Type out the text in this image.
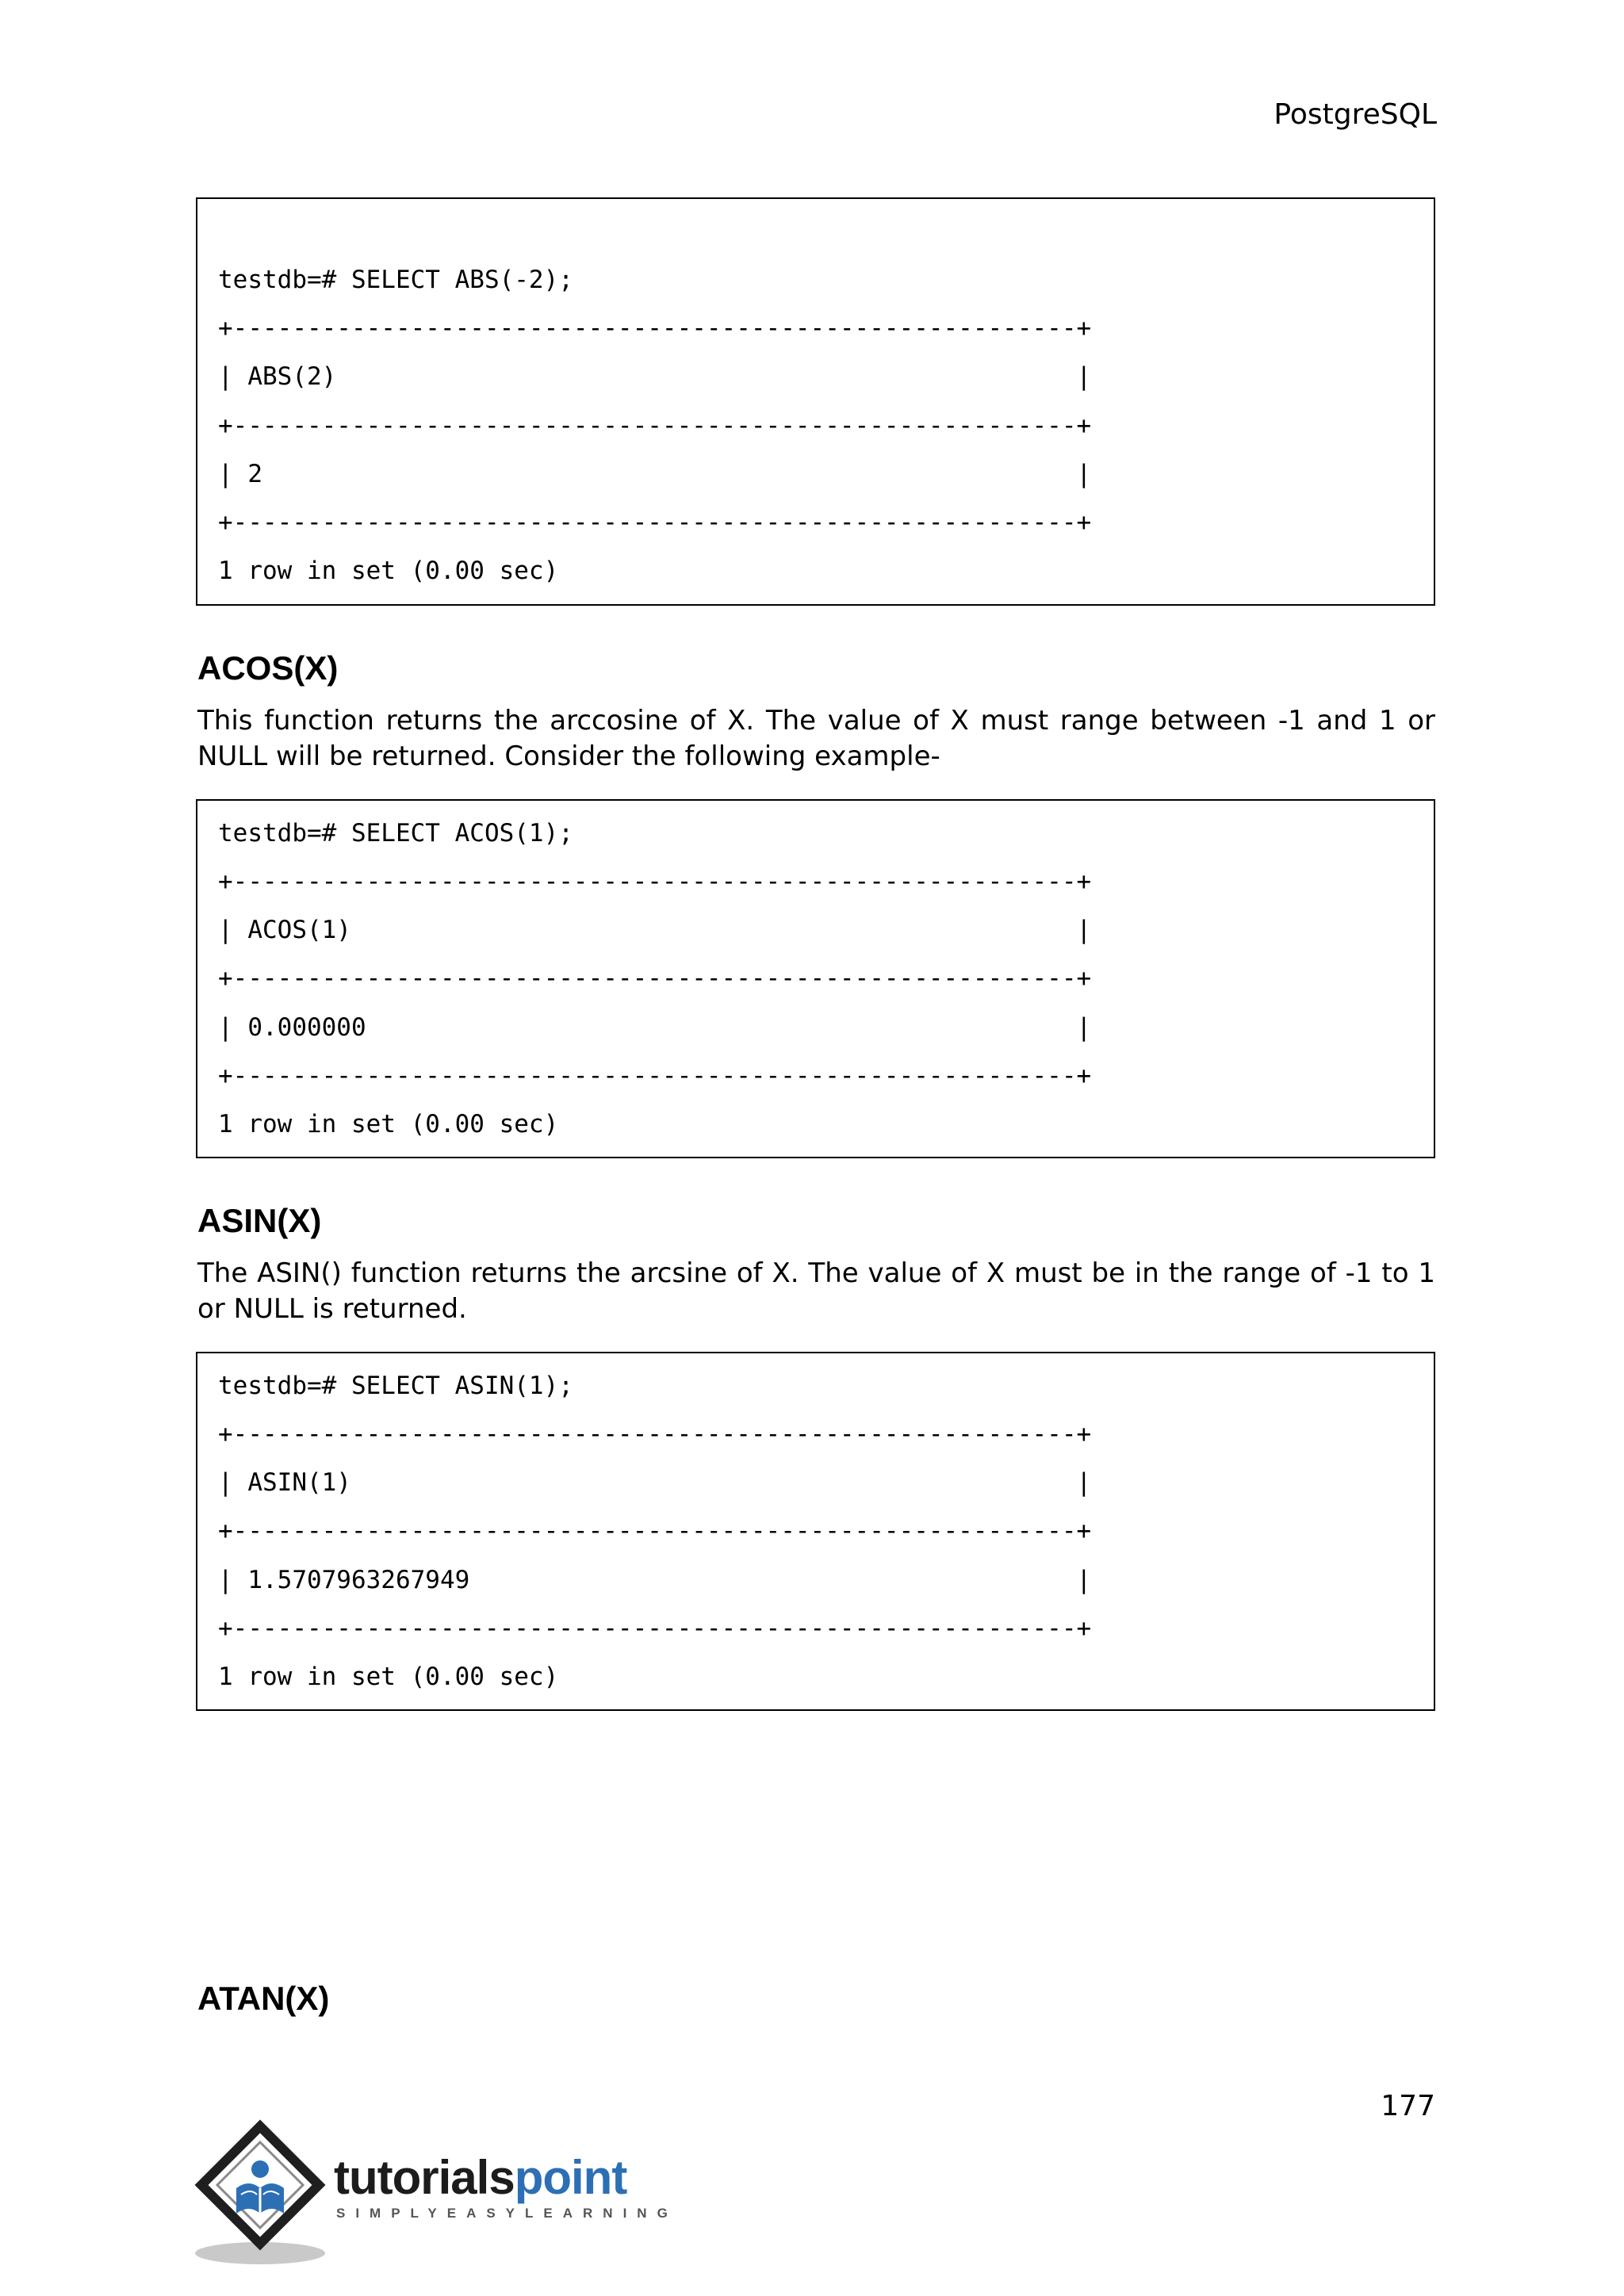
PostgreSQL
testdb=# SELECT ABS(-2);
+---------------------------------------------------------+
| ABS(2)                                                  |
+---------------------------------------------------------+
| 2                                                       |
+---------------------------------------------------------+
1 row in set (0.00 sec)
ACOS(X)

This function returns the arccosine of X. The value of X must range between -1 and 1 or NULL will be returned. Consider the following example-

testdb=# SELECT ACOS(1);
+---------------------------------------------------------+
| ACOS(1)                                                 |
+---------------------------------------------------------+
| 0.000000                                                |
+---------------------------------------------------------+
1 row in set (0.00 sec)
ASIN(X)

The ASIN() function returns the arcsine of X. The value of X must be in the range of -1 to 1 or NULL is returned.

testdb=# SELECT ASIN(1);
+---------------------------------------------------------+
| ASIN(1)                                                 |
+---------------------------------------------------------+
| 1.5707963267949                                         |
+---------------------------------------------------------+
1 row in set (0.00 sec)
ATAN(X)
177
tutorialspoint
SIMPLYEASYLEARNING
